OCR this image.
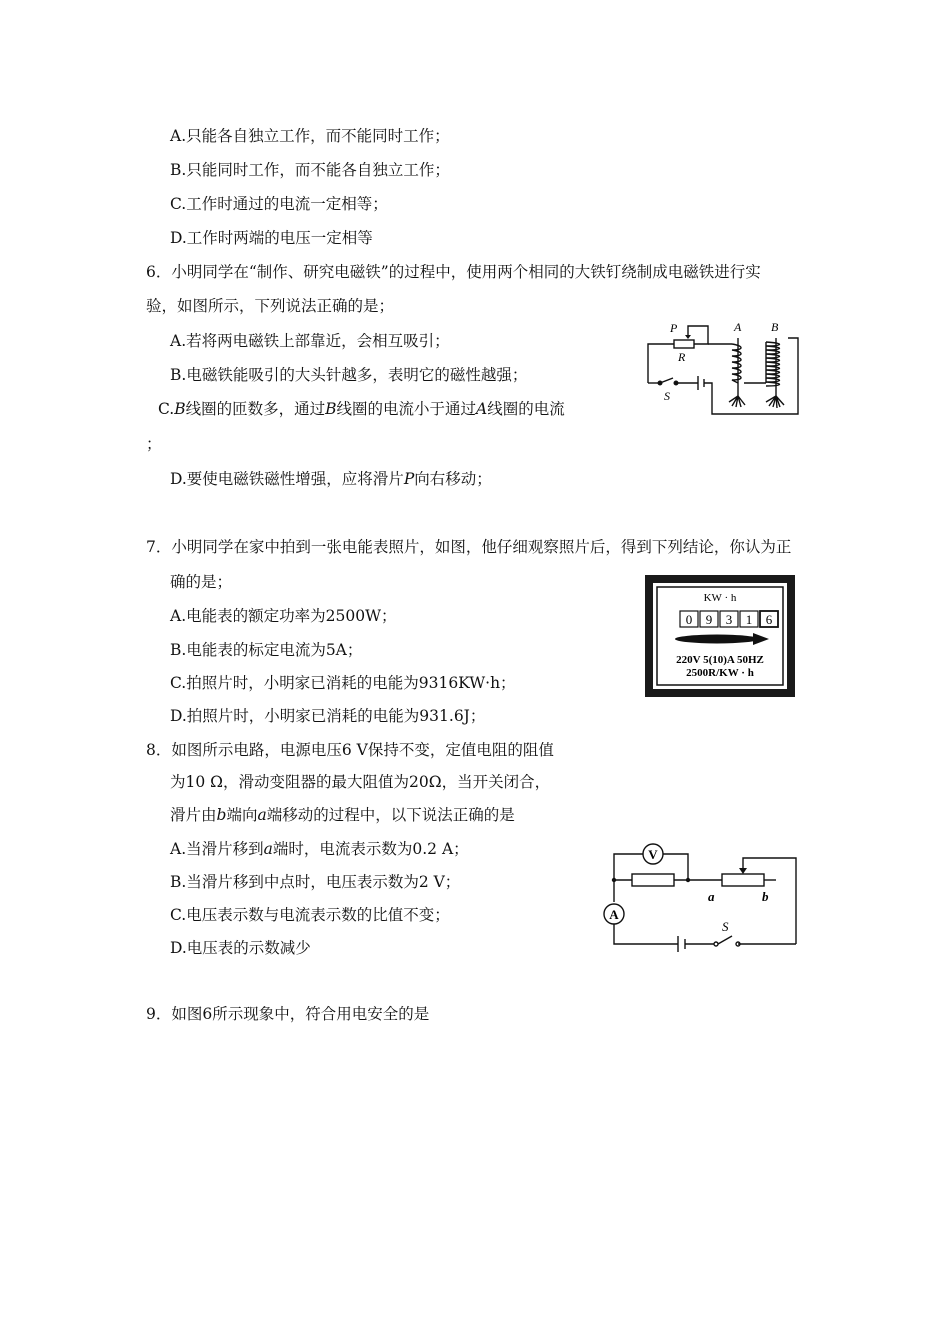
A.只能各自独立工作，而不能同时工作；
B.只能同时工作，而不能各自独立工作；
C.工作时通过的电流一定相等；
D.工作时两端的电压一定相等
6．小明同学在“制作、研究电磁铁”的过程中，使用两个相同的大铁钉绕制成电磁铁进行实
验，如图所示，下列说法正确的是；
A.若将两电磁铁上部靠近，会相互吸引；
B.电磁铁能吸引的大头针越多，表明它的磁性越强；
C.B线圈的匝数多，通过B线圈的电流小于通过A线圈的电流
；
D.要使电磁铁磁性增强，应将滑片P向右移动；
P
R
A B
S
7．小明同学在家中拍到一张电能表照片，如图，他仔细观察照片后，得到下列结论，你认为正
确的是；
A.电能表的额定功率为2500W；
B.电能表的标定电流为5A；
C.拍照片时，小明家已消耗的电能为9316KW·h；
D.拍照片时，小明家已消耗的电能为931.6J；
KW · h
0 9 3 1 6
220V 5(10)A 50HZ
2500R/KW · h
8．如图所示电路，电源电压6 V保持不变，定值电阻的阻值
为10 Ω，滑动变阻器的最大阻值为20Ω，当开关闭合，
滑片由b端向a端移动的过程中，以下说法正确的是
A.当滑片移到a端时，电流表示数为0.2 A；
B.当滑片移到中点时，电压表示数为2 V；
C.电压表示数与电流表示数的比值不变；
D.电压表的示数减少
V
A
a	b
S
9．如图6所示现象中，符合用电安全的是
